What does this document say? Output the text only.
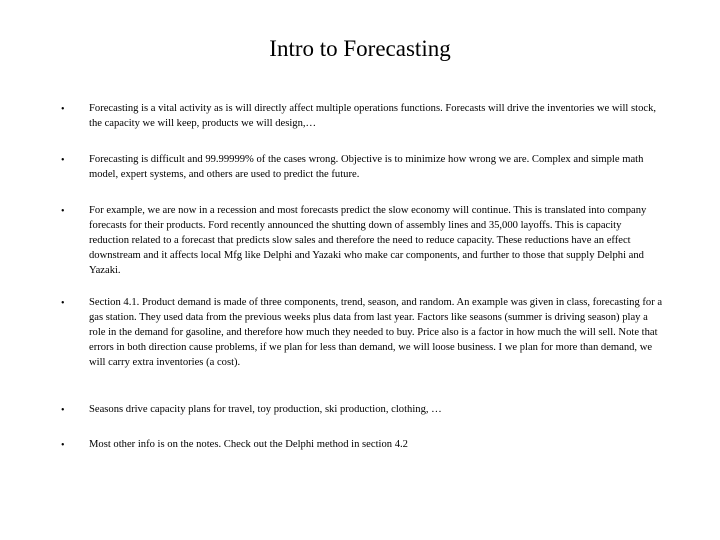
Intro to Forecasting
• Forecasting is a vital activity as is will directly affect multiple operations functions. Forecasts will drive the inventories we will stock, the capacity we will keep, products we will design,…

• Forecasting is difficult and 99.99999% of the cases wrong. Objective is to minimize how wrong we are. Complex and simple math model, expert systems, and others are used to predict the future.

• For example, we are now in a recession and most forecasts predict the slow economy will continue. This is translated into company forecasts for their products. Ford recently announced the shutting down of assembly lines and 35,000 layoffs. This is capacity reduction related to a forecast that predicts slow sales and therefore the need to reduce capacity. These reductions have an effect downstream and it affects local Mfg like Delphi and Yazaki who make car components, and further to those that supply Delphi and Yazaki.

• Section 4.1. Product demand is made of three components, trend, season, and random. An example was given in class, forecasting for a gas station. They used data from the previous weeks plus data from last year. Factors like seasons (summer is driving season) play a role in the demand for gasoline, and therefore how much they needed to buy. Price also is a factor in how much the will sell. Note that errors in both direction cause problems, if we plan for less than demand, we will loose business. I we plan for more than demand, we will carry extra inventories (a cost).

• Seasons drive capacity plans for travel, toy production, ski production, clothing, …

• Most other info is on the notes. Check out the Delphi method in section 4.2
